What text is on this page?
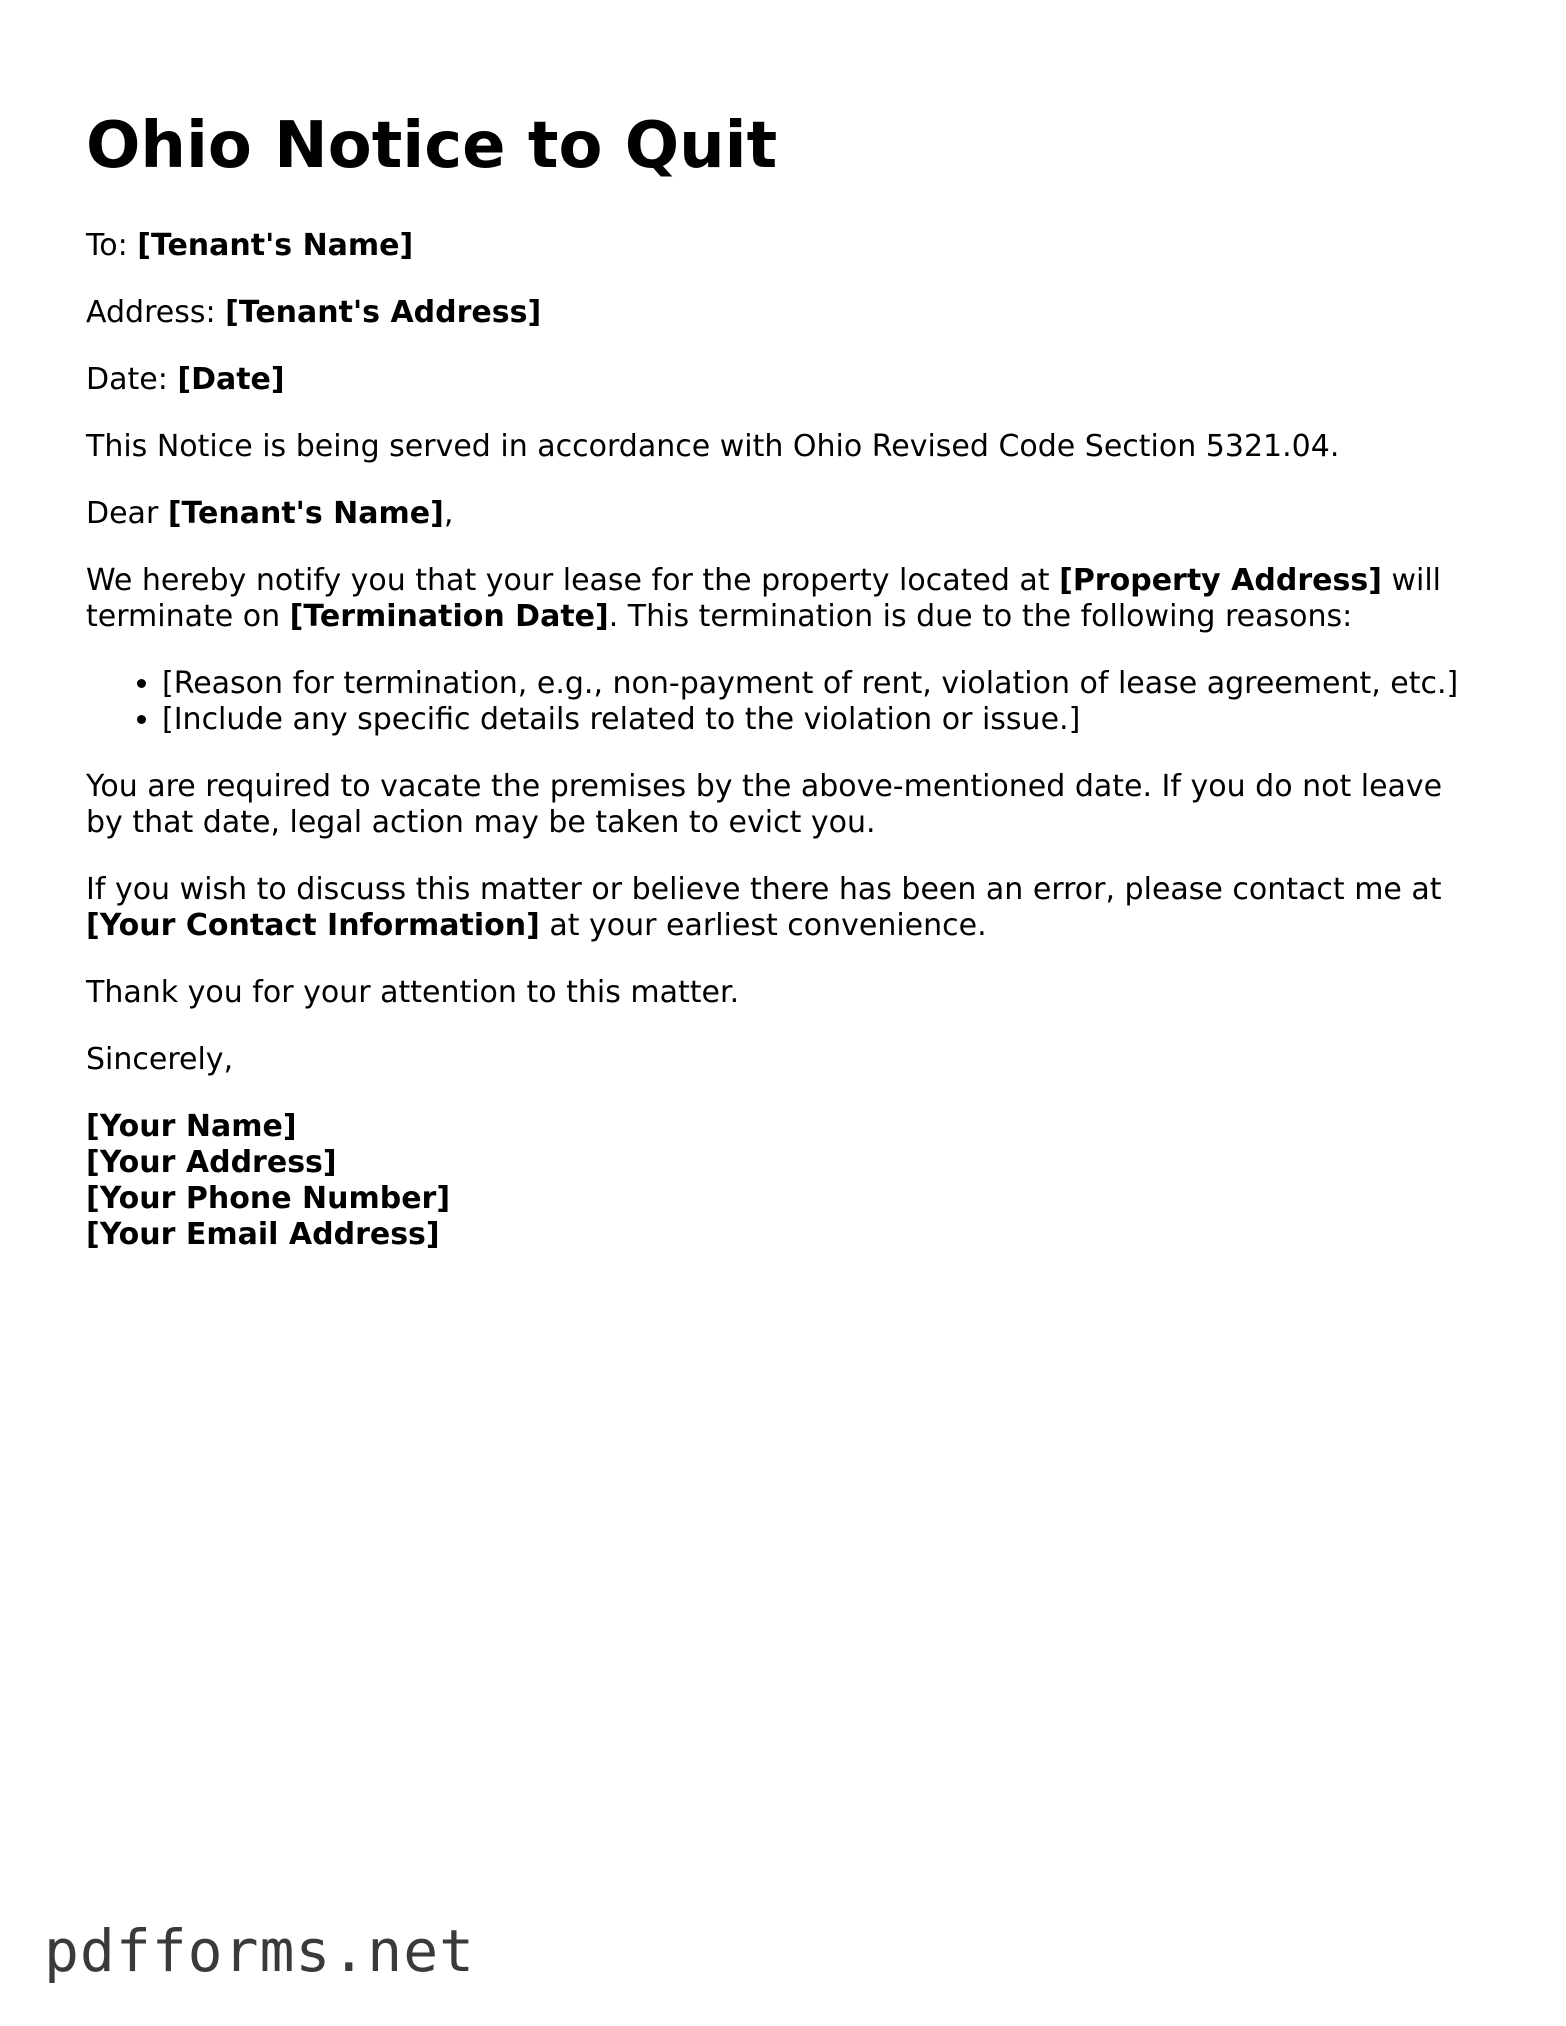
Ohio Notice to Quit

To: [Tenant's Name]

Address: [Tenant's Address]

Date: [Date]

This Notice is being served in accordance with Ohio Revised Code Section 5321.04.

Dear [Tenant's Name],

We hereby notify you that your lease for the property located at [Property Address] will terminate on [Termination Date]. This termination is due to the following reasons:

• [Reason for termination, e.g., non-payment of rent, violation of lease agreement, etc.]
• [Include any specific details related to the violation or issue.]

You are required to vacate the premises by the above-mentioned date. If you do not leave by that date, legal action may be taken to evict you.

If you wish to discuss this matter or believe there has been an error, please contact me at [Your Contact Information] at your earliest convenience.

Thank you for your attention to this matter.

Sincerely,

[Your Name]
[Your Address]
[Your Phone Number]
[Your Email Address]
pdfforms.net
